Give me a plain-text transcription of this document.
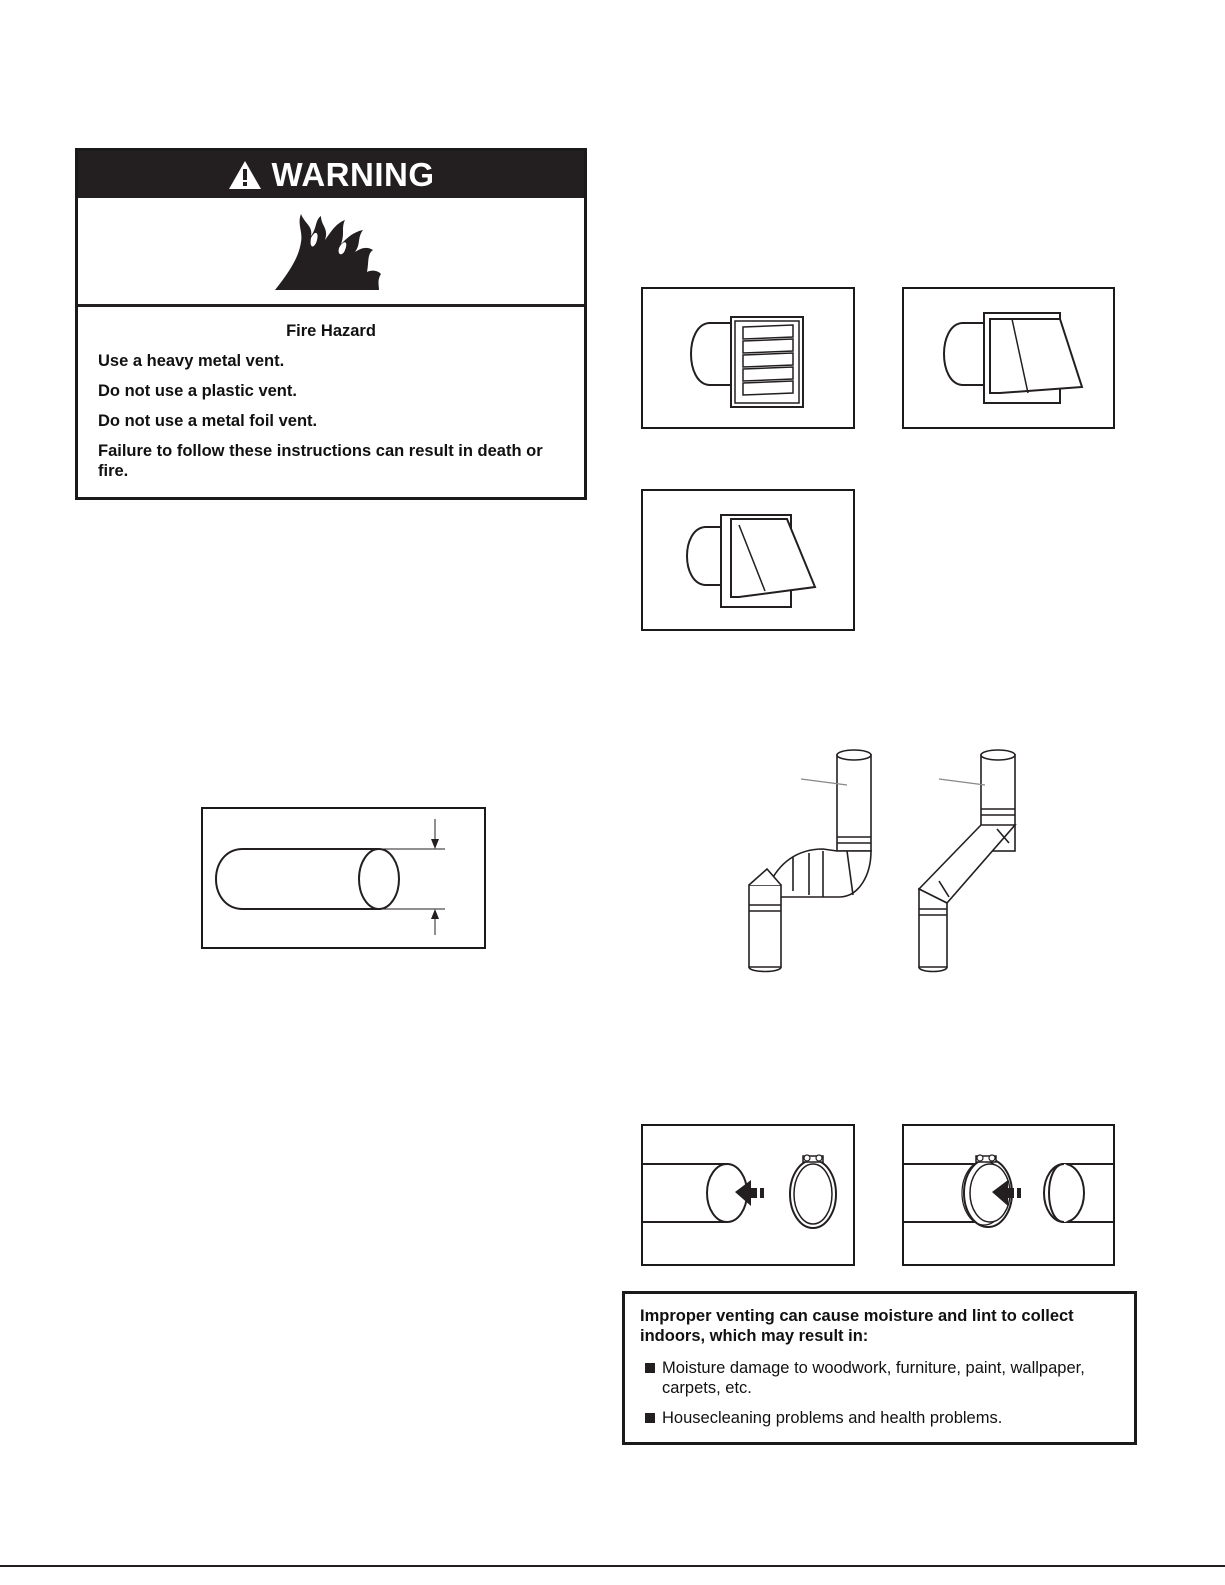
WARNING

Fire Hazard

Use a heavy metal vent.

Do not use a plastic vent.

Do not use a metal foil vent.

Failure to follow these instructions can result in death or fire.

Improper venting can cause moisture and lint to collect indoors, which may result in:

Moisture damage to woodwork, furniture, paint, wallpaper, carpets, etc.
Housecleaning problems and health problems.
